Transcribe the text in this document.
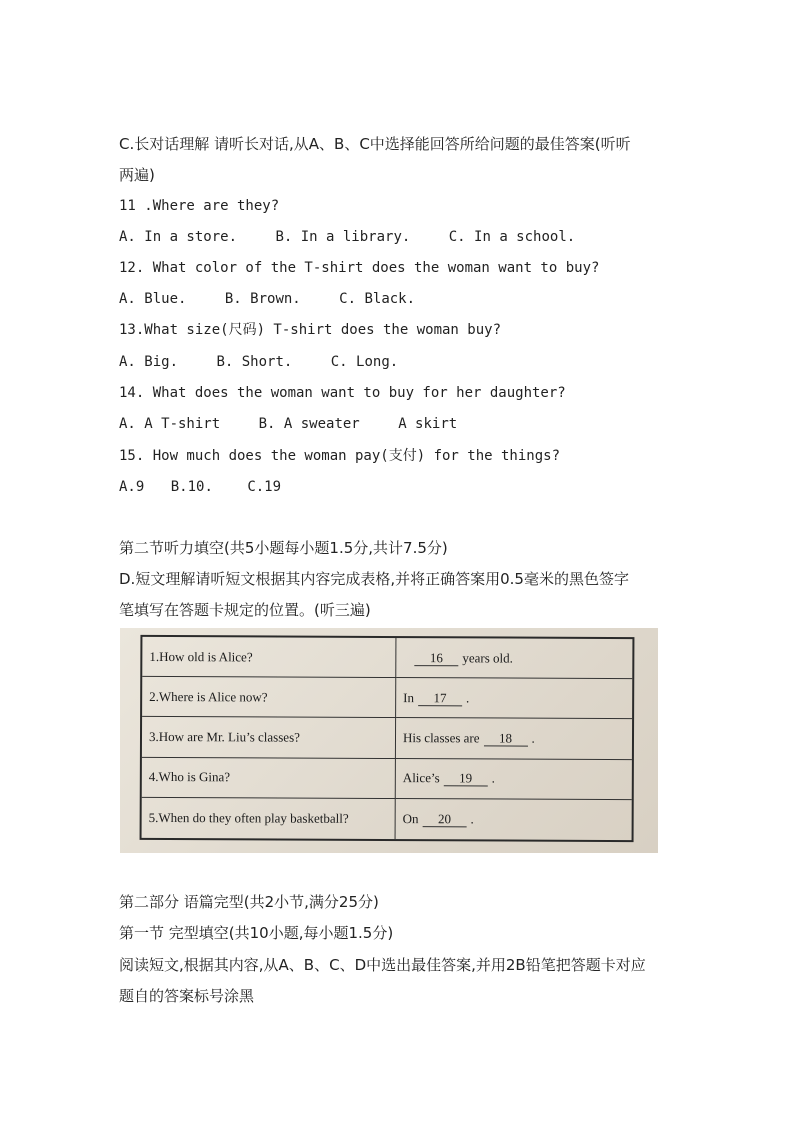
C.长对话理解 请听长对话,从A、B、C中选择能回答所给问题的最佳答案(听听
两遍)
11 .Where are they?
A. In a store.	B. In a library.	C. In a school.
12. What color of the T-shirt does the woman want to buy?
A. Blue.	B. Brown.	C. Black.
13.What size(尺码) T-shirt does the woman buy?
A. Big.	B. Short.	C. Long.
14. What does the woman want to buy for her daughter?
A. A T-shirt	B. A sweater	A skirt
15. How much does the woman pay(支付) for the things?
A.9 B.10. C.19
第二节听力填空(共5小题每小题1.5分,共计7.5分)
D.短文理解请听短文根据其内容完成表格,并将正确答案用0.5毫米的黑色签字
笔填写在答题卡规定的位置。(听三遍)
1.How old is Alice?	16	years old.
2.Where is Alice now?	In	17	.
3.How are Mr. Liu’s classes?	His classes are	18	.
4.Who is Gina?	Alice’s	19	.
5.When do they often play basketball?	On	20	.
第二部分 语篇完型(共2小节,满分25分)
第一节 完型填空(共10小题,每小题1.5分)
阅读短文,根据其内容,从A、B、C、D中选出最佳答案,并用2B铅笔把答题卡对应
题自的答案标号涂黑
